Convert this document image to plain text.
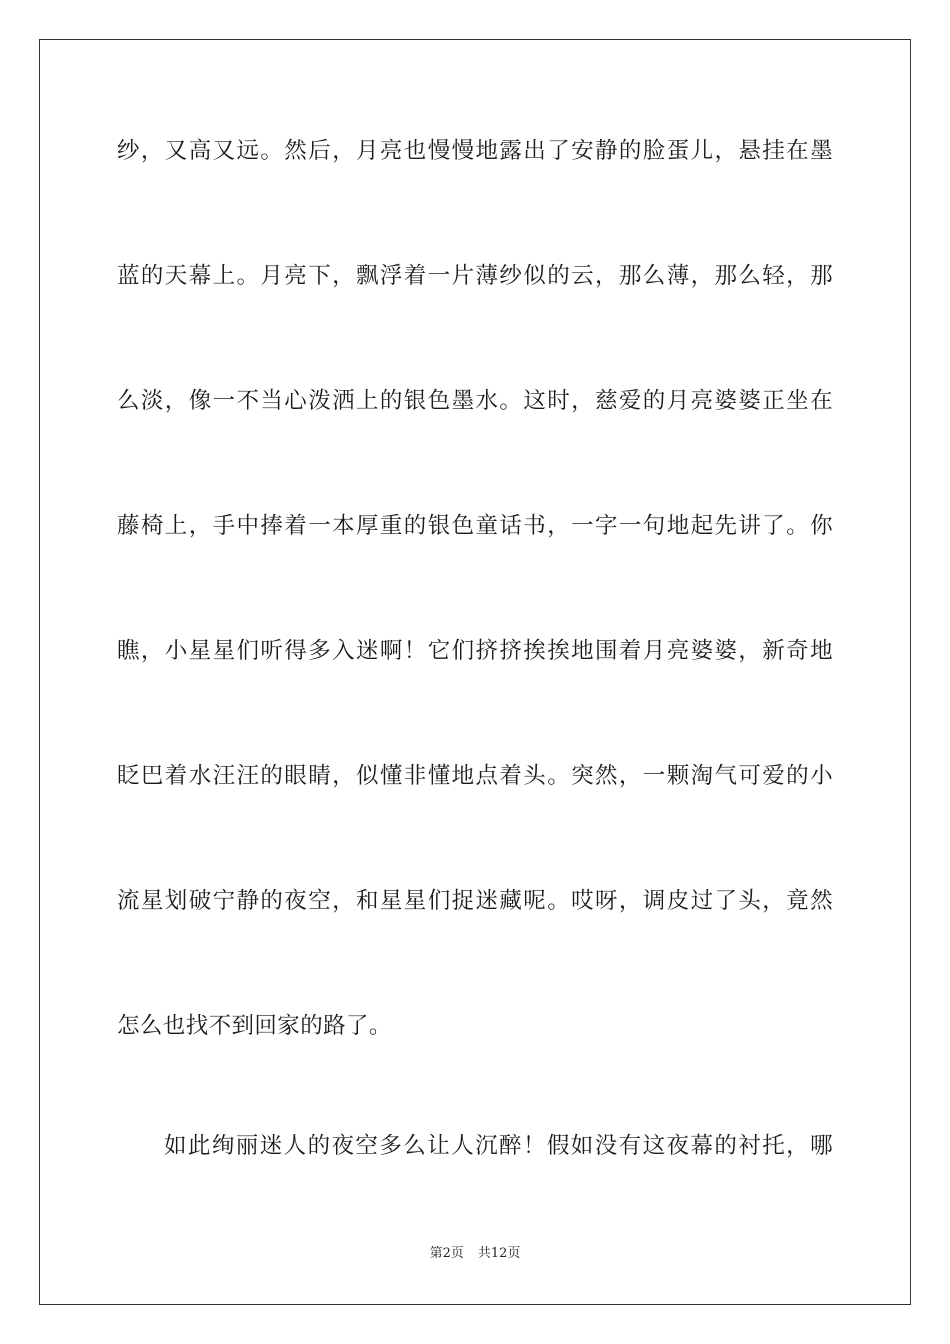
纱，又高又远。然后，月亮也慢慢地露出了安静的脸蛋儿，悬挂在墨
蓝的天幕上。月亮下，飘浮着一片薄纱似的云，那么薄，那么轻，那
么淡，像一不当心泼洒上的银色墨水。这时，慈爱的月亮婆婆正坐在
藤椅上，手中捧着一本厚重的银色童话书，一字一句地起先讲了。你
瞧，小星星们听得多入迷啊！它们挤挤挨挨地围着月亮婆婆，新奇地
眨巴着水汪汪的眼睛，似懂非懂地点着头。突然，一颗淘气可爱的小
流星划破宁静的夜空，和星星们捉迷藏呢。哎呀，调皮过了头，竟然
怎么也找不到回家的路了。
如此绚丽迷人的夜空多么让人沉醉！假如没有这夜幕的衬托，哪
第2页 共12页
